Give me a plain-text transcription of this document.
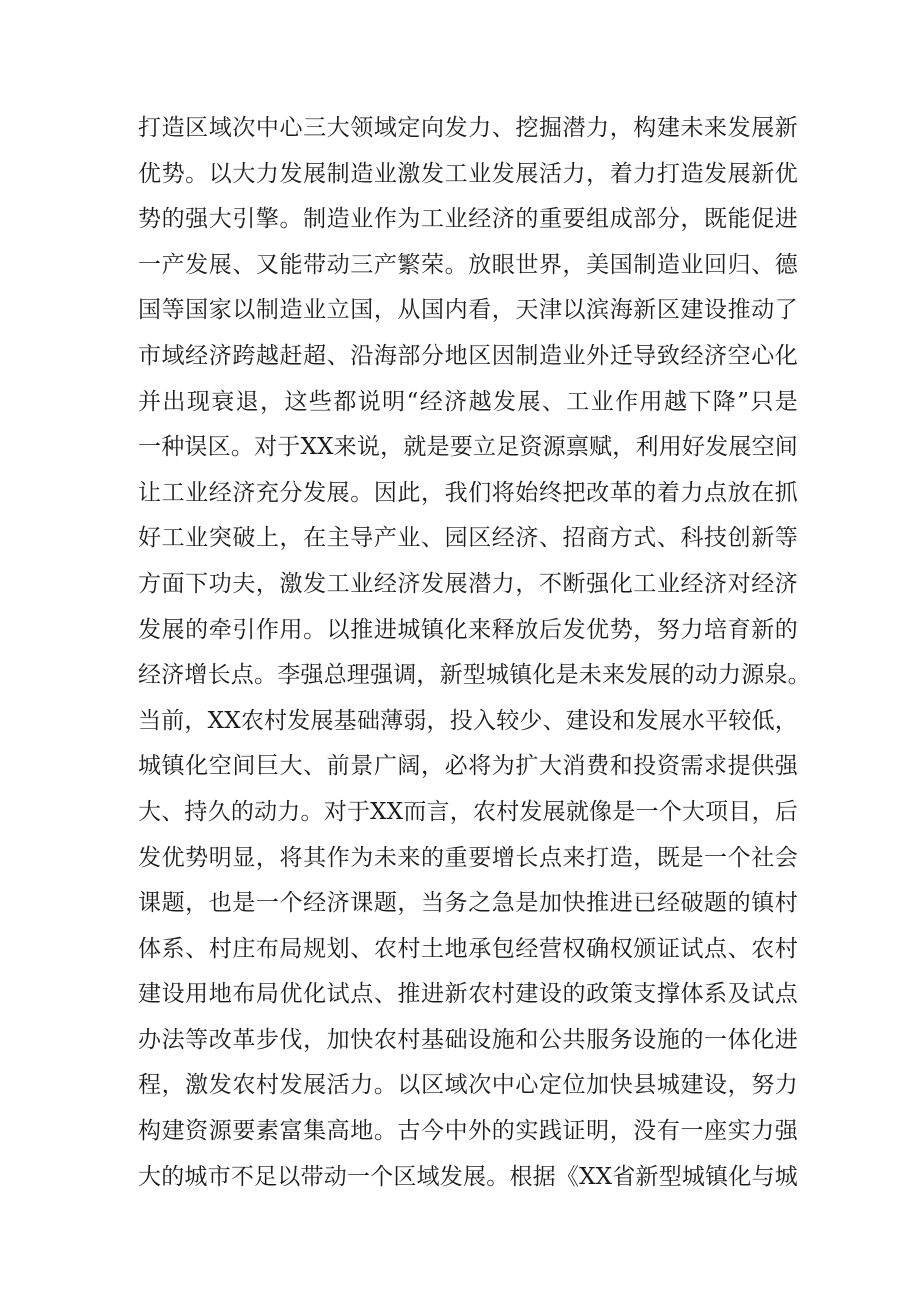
打造区域次中心三大领域定向发力、挖掘潜力，构建未来发展新
优势。以大力发展制造业激发工业发展活力，着力打造发展新优
势的强大引擎。制造业作为工业经济的重要组成部分，既能促进
一产发展、又能带动三产繁荣。放眼世界，美国制造业回归、德
国等国家以制造业立国，从国内看，天津以滨海新区建设推动了
市域经济跨越赶超、沿海部分地区因制造业外迁导致经济空心化
并出现衰退，这些都说明“经济越发展、工业作用越下降”只是
一种误区。对于XX来说，就是要立足资源禀赋，利用好发展空间
让工业经济充分发展。因此，我们将始终把改革的着力点放在抓
好工业突破上，在主导产业、园区经济、招商方式、科技创新等
方面下功夫，激发工业经济发展潜力，不断强化工业经济对经济
发展的牵引作用。以推进城镇化来释放后发优势，努力培育新的
经济增长点。李强总理强调，新型城镇化是未来发展的动力源泉。
当前，XX农村发展基础薄弱，投入较少、建设和发展水平较低，
城镇化空间巨大、前景广阔，必将为扩大消费和投资需求提供强
大、持久的动力。对于XX而言，农村发展就像是一个大项目，后
发优势明显，将其作为未来的重要增长点来打造，既是一个社会
课题，也是一个经济课题，当务之急是加快推进已经破题的镇村
体系、村庄布局规划、农村土地承包经营权确权颁证试点、农村
建设用地布局优化试点、推进新农村建设的政策支撑体系及试点
办法等改革步伐，加快农村基础设施和公共服务设施的一体化进
程，激发农村发展活力。以区域次中心定位加快县城建设，努力
构建资源要素富集高地。古今中外的实践证明，没有一座实力强
大的城市不足以带动一个区域发展。根据《XX省新型城镇化与城
